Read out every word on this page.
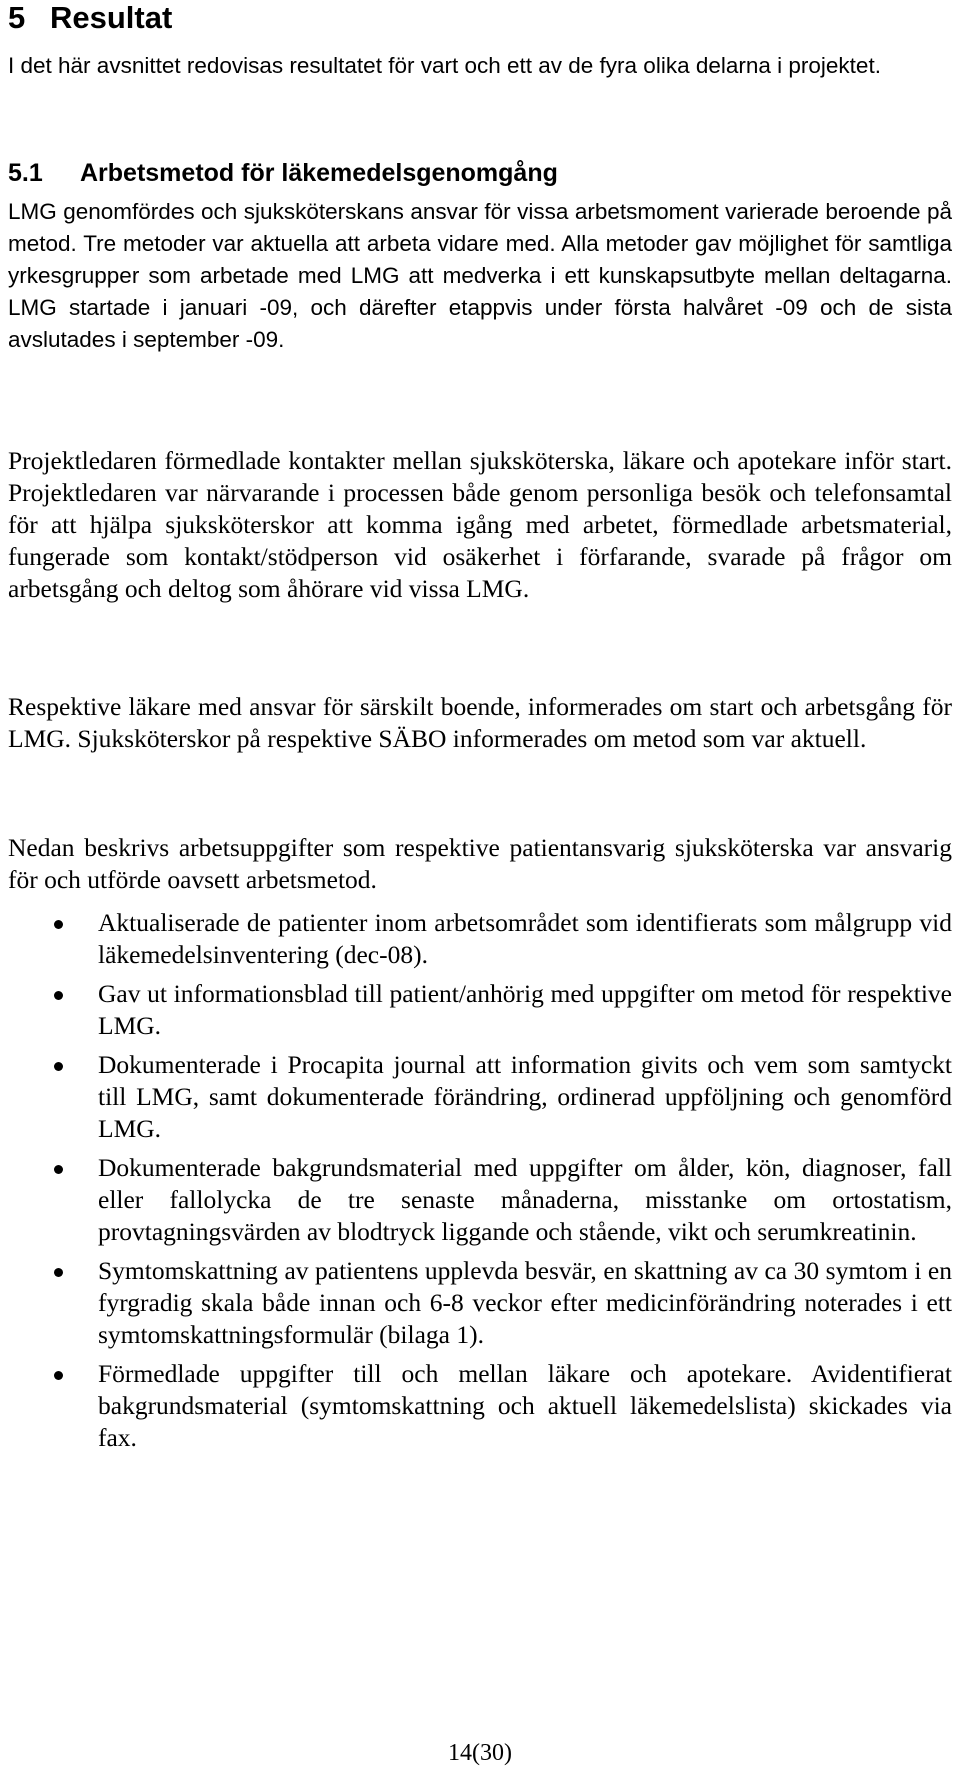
5 Resultat

I det här avsnittet redovisas resultatet för vart och ett av de fyra olika delarna i projektet.

5.1 Arbetsmetod för läkemedelsgenomgång

LMG genomfördes och sjuksköterskans ansvar för vissa arbetsmoment varierade beroende på metod. Tre metoder var aktuella att arbeta vidare med. Alla metoder gav möjlighet för samtliga yrkesgrupper som arbetade med LMG att medverka i ett kunskapsutbyte mellan deltagarna. LMG startade i januari -09, och därefter etappvis under första halvåret -09 och de sista avslutades i september -09.

Projektledaren förmedlade kontakter mellan sjuksköterska, läkare och apotekare inför start. Projektledaren var närvarande i processen både genom personliga besök och telefonsamtal för att hjälpa sjuksköterskor att komma igång med arbetet, förmedlade arbetsmaterial, fungerade som kontakt/stödperson vid osäkerhet i förfarande, svarade på frågor om arbetsgång och deltog som åhörare vid vissa LMG.

Respektive läkare med ansvar för särskilt boende, informerades om start och arbetsgång för LMG. Sjuksköterskor på respektive SÄBO informerades om metod som var aktuell.

Nedan beskrivs arbetsuppgifter som respektive patientansvarig sjuksköterska var ansvarig för och utförde oavsett arbetsmetod.

Aktualiserade de patienter inom arbetsområdet som identifierats som målgrupp vid läkemedelsinventering (dec-08).
Gav ut informationsblad till patient/anhörig med uppgifter om metod för respektive LMG.
Dokumenterade i Procapita journal att information givits och vem som samtyckt till LMG, samt dokumenterade förändring, ordinerad uppföljning och genomförd LMG.
Dokumenterade bakgrundsmaterial med uppgifter om ålder, kön, diagnoser, fall eller fallolycka de tre senaste månaderna, misstanke om ortostatism, provtagningsvärden av blodtryck liggande och stående, vikt och serumkreatinin.
Symtomskattning av patientens upplevda besvär, en skattning av ca 30 symtom i en fyrgradig skala både innan och 6-8 veckor efter medicinförändring noterades i ett symtomskattningsformulär (bilaga 1).
Förmedlade uppgifter till och mellan läkare och apotekare. Avidentifierat bakgrundsmaterial (symtomskattning och aktuell läkemedelslista) skickades via fax.
14(30)
